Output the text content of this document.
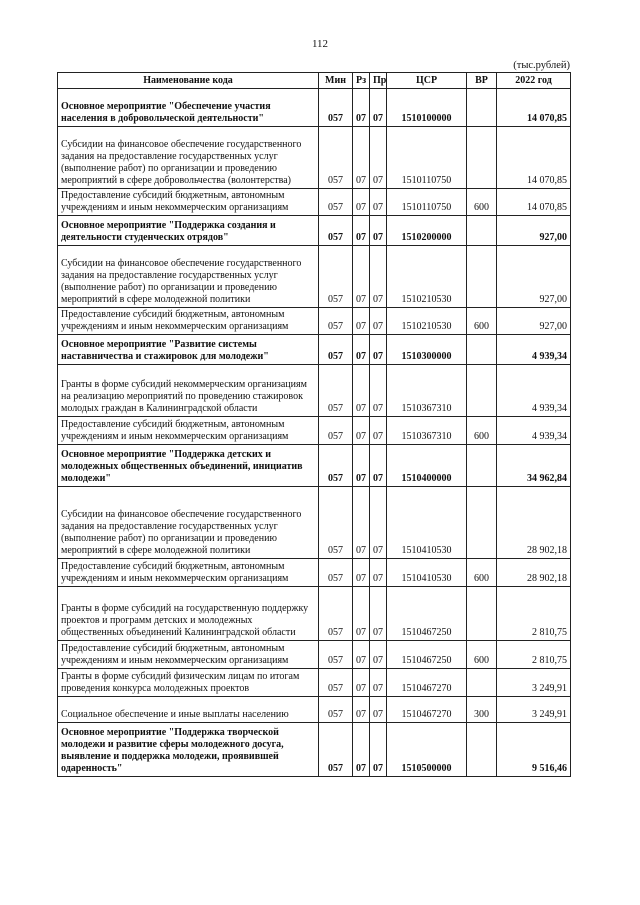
112
(тыс.рублей)
Наименование кода	Мин	Рз	Пр	ЦСР	ВР	2022 год
Основное мероприятие "Обеспечение участия населения в добровольческой деятельности"	057	07	07	1510100000		14 070,85
Субсидии на финансовое обеспечение государственного задания на предоставление государственных услуг (выполнение работ) по организации и проведению мероприятий в сфере добровольчества (волонтерства)	057	07	07	1510110750		14 070,85
Предоставление субсидий бюджетным, автономным учреждениям и иным некоммерческим организациям	057	07	07	1510110750	600	14 070,85
Основное мероприятие "Поддержка создания и деятельности студенческих отрядов"	057	07	07	1510200000		927,00
Субсидии на финансовое обеспечение государственного задания на предоставление государственных услуг (выполнение работ) по организации и проведению мероприятий в сфере молодежной политики	057	07	07	1510210530		927,00
Предоставление субсидий бюджетным, автономным учреждениям и иным некоммерческим организациям	057	07	07	1510210530	600	927,00
Основное мероприятие "Развитие системы наставничества и стажировок для молодежи"	057	07	07	1510300000		4 939,34
Гранты в форме субсидий некоммерческим организациям на реализацию мероприятий по проведению стажировок молодых граждан в Калининградской области	057	07	07	1510367310		4 939,34
Предоставление субсидий бюджетным, автономным учреждениям и иным некоммерческим организациям	057	07	07	1510367310	600	4 939,34
Основное мероприятие "Поддержка детских и молодежных общественных объединений, инициатив молодежи"	057	07	07	1510400000		34 962,84
Субсидии на финансовое обеспечение государственного задания на предоставление государственных услуг (выполнение работ) по организации и проведению мероприятий в сфере молодежной политики	057	07	07	1510410530		28 902,18
Предоставление субсидий бюджетным, автономным учреждениям и иным некоммерческим организациям	057	07	07	1510410530	600	28 902,18
Гранты в форме субсидий на государственную поддержку проектов и программ детских и молодежных общественных объединений Калининградской области	057	07	07	1510467250		2 810,75
Предоставление субсидий бюджетным, автономным учреждениям и иным некоммерческим организациям	057	07	07	1510467250	600	2 810,75
Гранты в форме субсидий физическим лицам по итогам проведения конкурса молодежных проектов	057	07	07	1510467270		3 249,91
Социальное обеспечение и иные выплаты населению	057	07	07	1510467270	300	3 249,91
Основное мероприятие "Поддержка творческой молодежи и развитие сферы молодежного досуга, выявление и поддержка молодежи, проявившей одаренность"	057	07	07	1510500000		9 516,46
